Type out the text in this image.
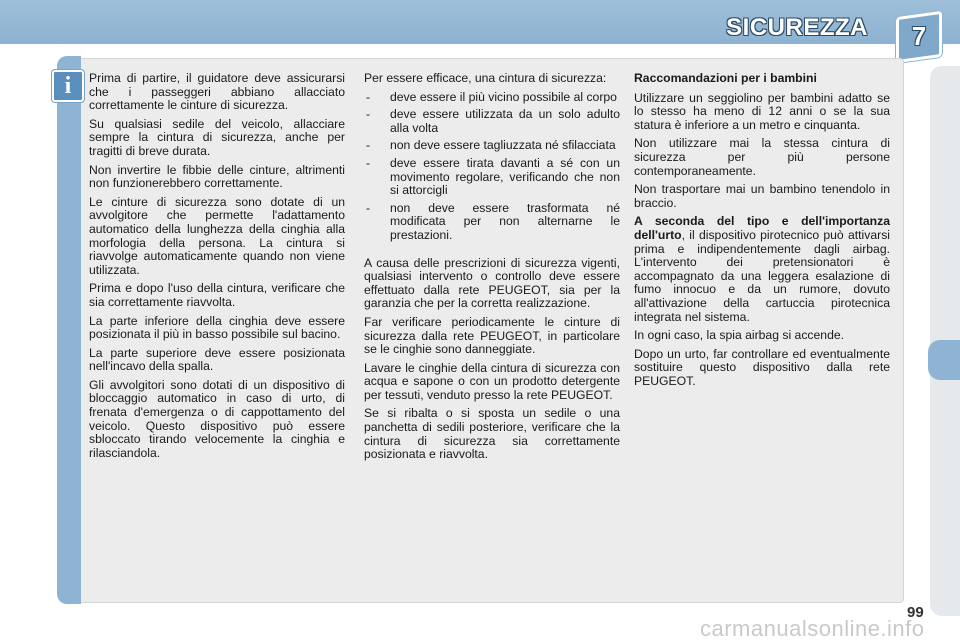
SICUREZZA	7
i	Prima di partire, il guidatore deve assicurarsi che i passeggeri abbiano allacciato correttamente le cinture di sicurezza.

Su qualsiasi sedile del veicolo, allacciare sempre la cintura di sicurezza, anche per tragitti di breve durata.

Non invertire le fibbie delle cinture, altrimenti non funzionerebbero correttamente.

Le cinture di sicurezza sono dotate di un avvolgitore che permette l'adattamento automatico della lunghezza della cinghia alla morfologia della persona. La cintura si riavvolge automaticamente quando non viene utilizzata.

Prima e dopo l'uso della cintura, verificare che sia correttamente riavvolta.

La parte inferiore della cinghia deve essere posizionata il più in basso possibile sul bacino.

La parte superiore deve essere posizionata nell'incavo della spalla.

Gli avvolgitori sono dotati di un dispositivo di bloccaggio automatico in caso di urto, di frenata d'emergenza o di cappottamento del veicolo. Questo dispositivo può essere sbloccato tirando velocemente la cinghia e rilasciandola.

Per essere efficace, una cintura di sicurezza:

- deve essere il più vicino possibile al corpo
- deve essere utilizzata da un solo adulto alla volta
- non deve essere tagliuzzata né sfilacciata
- deve essere tirata davanti a sé con un movimento regolare, verificando che non si attorcigli
- non deve essere trasformata né modificata per non alternarne le prestazioni.

A causa delle prescrizioni di sicurezza vigenti, qualsiasi intervento o controllo deve essere effettuato dalla rete PEUGEOT, sia per la garanzia che per la corretta realizzazione.

Far verificare periodicamente le cinture di sicurezza dalla rete PEUGEOT, in particolare se le cinghie sono danneggiate.

Lavare le cinghie della cintura di sicurezza con acqua e sapone o con un prodotto detergente per tessuti, venduto presso la rete PEUGEOT.

Se si ribalta o si sposta un sedile o una panchetta di sedili posteriore, verificare che la cintura di sicurezza sia correttamente posizionata e riavvolta.

Raccomandazioni per i bambini

Utilizzare un seggiolino per bambini adatto se lo stesso ha meno di 12 anni o se la sua statura è inferiore a un metro e cinquanta.

Non utilizzare mai la stessa cintura di sicurezza per più persone contemporaneamente.

Non trasportare mai un bambino tenendolo in braccio.

A seconda del tipo e dell'importanza dell'urto, il dispositivo pirotecnico può attivarsi prima e indipendentemente dagli airbag. L'intervento dei pretensionatori è accompagnato da una leggera esalazione di fumo innocuo e da un rumore, dovuto all'attivazione della cartuccia pirotecnica integrata nel sistema.

In ogni caso, la spia airbag si accende.

Dopo un urto, far controllare ed eventualmente sostituire questo dispositivo dalla rete PEUGEOT.

99
carmanualsonline.info
